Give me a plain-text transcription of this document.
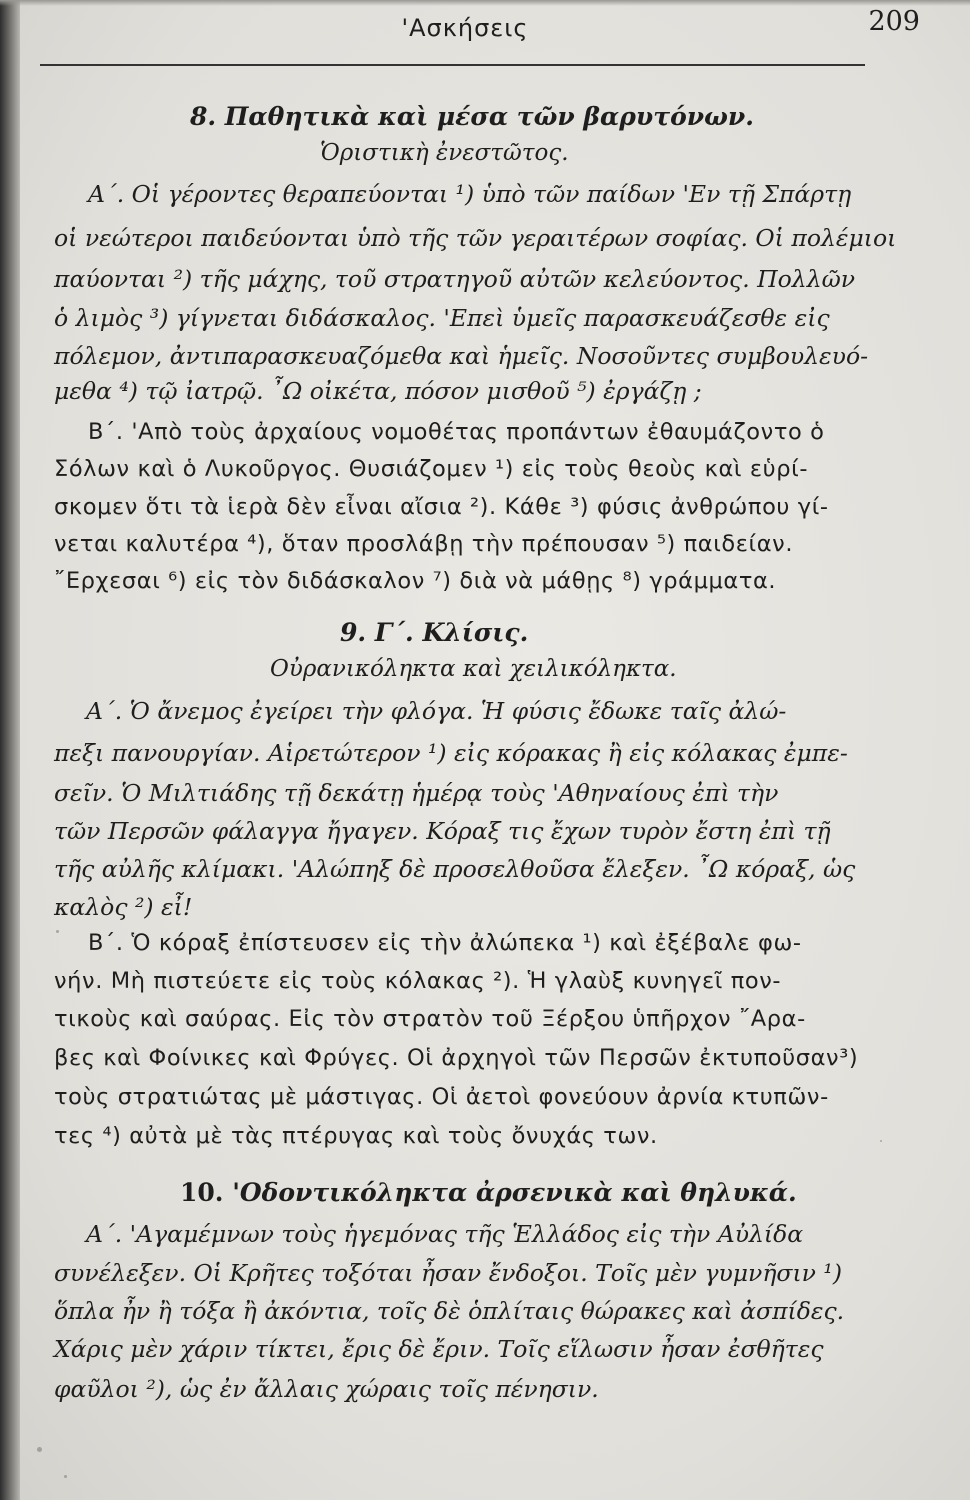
'Ασκήσεις	209
8. Παθητικὰ καὶ μέσα τῶν βαρυτόνων.
Ὁριστικὴ ἐνεστῶτος.
Α΄. Οἱ γέροντες θεραπεύονται ¹) ὑπὸ τῶν παίδων 'Εν τῇ Σπάρτῃ
οἱ νεώτεροι παιδεύονται ὑπὸ τῆς τῶν γεραιτέρων σοφίας. Οἱ πολέμιοι
παύονται ²) τῆς μάχης, τοῦ στρατηγοῦ αὐτῶν κελεύοντος. Πολλῶν
ὁ λιμὸς ³) γίγνεται διδάσκαλος. 'Επεὶ ὑμεῖς παρασκευάζεσθε εἰς
πόλεμον, ἀντιπαρασκευαζόμεθα καὶ ἡμεῖς. Νοσοῦντες συμβουλευό-
μεθα ⁴) τῷ ἰατρῷ. ῏Ω οἰκέτα, πόσον μισθοῦ ⁵) ἐργάζῃ ;
Β΄. 'Απὸ τοὺς ἀρχαίους νομοθέτας προπάντων ἐθαυμάζοντο ὁ
Σόλων καὶ ὁ Λυκοῦργος. Θυσιάζομεν ¹) εἰς τοὺς θεοὺς καὶ εὑρί-
σκομεν ὅτι τὰ ἱερὰ δὲν εἶναι αἴσια ²). Κάθε ³) φύσις ἀνθρώπου γί-
νεται καλυτέρα ⁴), ὅταν προσλάβῃ τὴν πρέπουσαν ⁵) παιδείαν.
῎Ερχεσαι ⁶) εἰς τὸν διδάσκαλον ⁷) διὰ νὰ μάθῃς ⁸) γράμματα.
9. Γ΄. Κλίσις.
Οὐρανικόληκτα καὶ χειλικόληκτα.
Α΄. Ὁ ἄνεμος ἐγείρει τὴν φλόγα. Ἡ φύσις ἔδωκε ταῖς ἀλώ-
πεξι πανουργίαν. Αἱρετώτερον ¹) εἰς κόρακας ἢ εἰς κόλακας ἐμπε-
σεῖν. Ὁ Μιλτιάδης τῇ δεκάτῃ ἡμέρᾳ τοὺς 'Αθηναίους ἐπὶ τὴν
τῶν Περσῶν φάλαγγα ἤγαγεν. Κόραξ τις ἔχων τυρὸν ἔστη ἐπὶ τῇ
τῆς αὐλῆς κλίμακι. 'Αλώπηξ δὲ προσελθοῦσα ἔλεξεν. ῏Ω κόραξ, ὡς
καλὸς ²) εἶ!
Β΄. Ὁ κόραξ ἐπίστευσεν εἰς τὴν ἀλώπεκα ¹) καὶ ἐξέβαλε φω-
νήν. Μὴ πιστεύετε εἰς τοὺς κόλακας ²). Ἡ γλαὺξ κυνηγεῖ πον-
τικοὺς καὶ σαύρας. Εἰς τὸν στρατὸν τοῦ Ξέρξου ὑπῆρχον ῎Αρα-
βες καὶ Φοίνικες καὶ Φρύγες. Οἱ ἀρχηγοὶ τῶν Περσῶν ἐκτυποῦσαν³)
τοὺς στρατιώτας μὲ μάστιγας. Οἱ ἀετοὶ φονεύουν ἀρνία κτυπῶν-
τες ⁴) αὐτὰ μὲ τὰς πτέρυγας καὶ τοὺς ὄνυχάς των.
10. 'Οδοντικόληκτα ἀρσενικὰ καὶ θηλυκά.
Α΄. 'Αγαμέμνων τοὺς ἡγεμόνας τῆς Ἑλλάδος εἰς τὴν Αὐλίδα
συνέλεξεν. Οἱ Κρῆτες τοξόται ἦσαν ἔνδοξοι. Τοῖς μὲν γυμνῆσιν ¹)
ὅπλα ἦν ἢ τόξα ἢ ἀκόντια, τοῖς δὲ ὁπλίταις θώρακες καὶ ἀσπίδες.
Χάρις μὲν χάριν τίκτει, ἔρις δὲ ἔριν. Τοῖς εἵλωσιν ἦσαν ἐσθῆτες
φαῦλοι ²), ὡς ἐν ἄλλαις χώραις τοῖς πένησιν.
